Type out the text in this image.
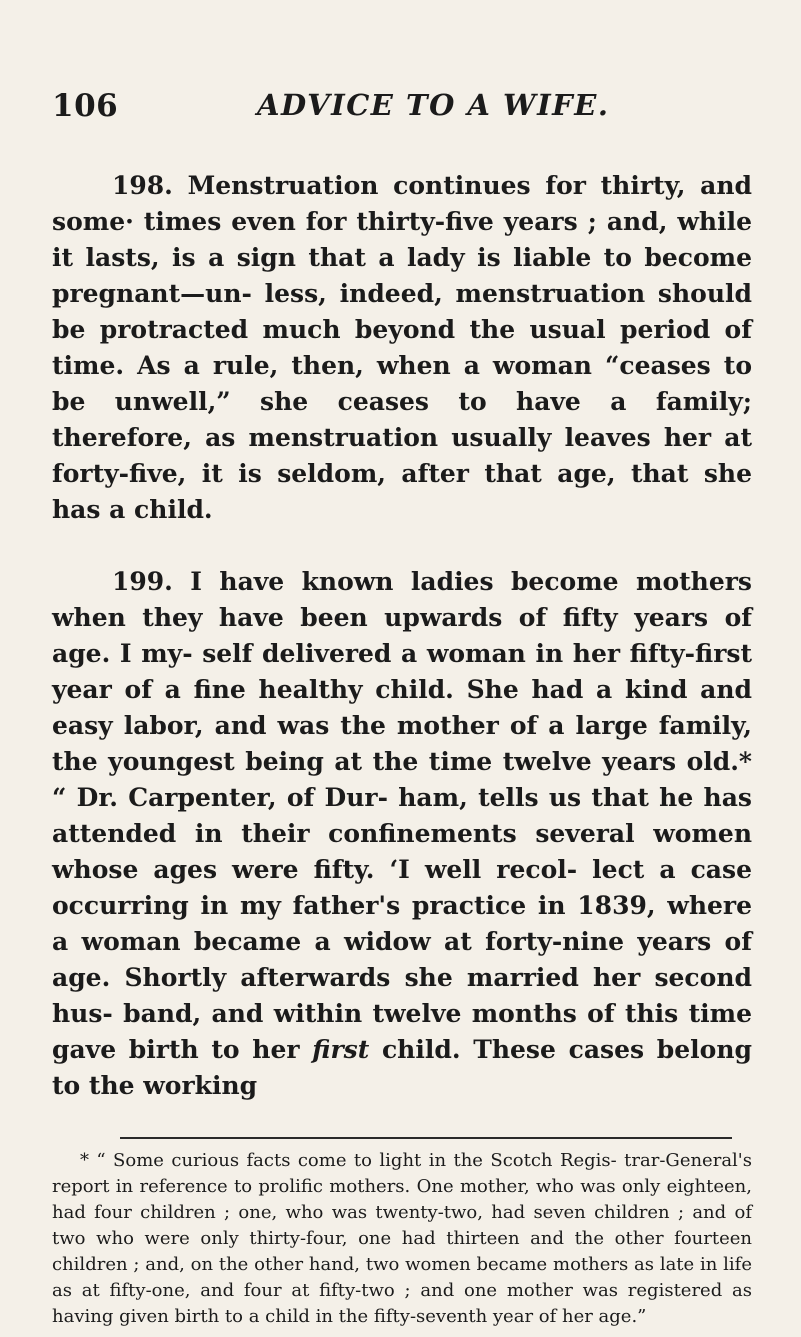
106	ADVICE TO A WIFE.

198. Menstruation continues for thirty, and some· times even for thirty-five years ; and, while it lasts, is a sign that a lady is liable to become pregnant—un- less, indeed, menstruation should be protracted much beyond the usual period of time. As a rule, then, when a woman “ceases to be unwell,” she ceases to have a family; therefore, as menstruation usually leaves her at forty-five, it is seldom, after that age, that she has a child.

199. I have known ladies become mothers when they have been upwards of fifty years of age. I my- self delivered a woman in her fifty-first year of a fine healthy child. She had a kind and easy labor, and was the mother of a large family, the youngest being at the time twelve years old.* “ Dr. Carpenter, of Dur- ham, tells us that he has attended in their confinements several women whose ages were fifty. ‘I well recol- lect a case occurring in my father's practice in 1839, where a woman became a widow at forty-nine years of age. Shortly afterwards she married her second hus- band, and within twelve months of this time gave birth to her first child. These cases belong to the working

* “ Some curious facts come to light in the Scotch Regis- trar-General's report in reference to prolific mothers. One mother, who was only eighteen, had four children ; one, who was twenty-two, had seven children ; and of two who were only thirty-four, one had thirteen and the other fourteen children ; and, on the other hand, two women became mothers as late in life as at fifty-one, and four at fifty-two ; and one mother was registered as having given birth to a child in the fifty-seventh year of her age.”
